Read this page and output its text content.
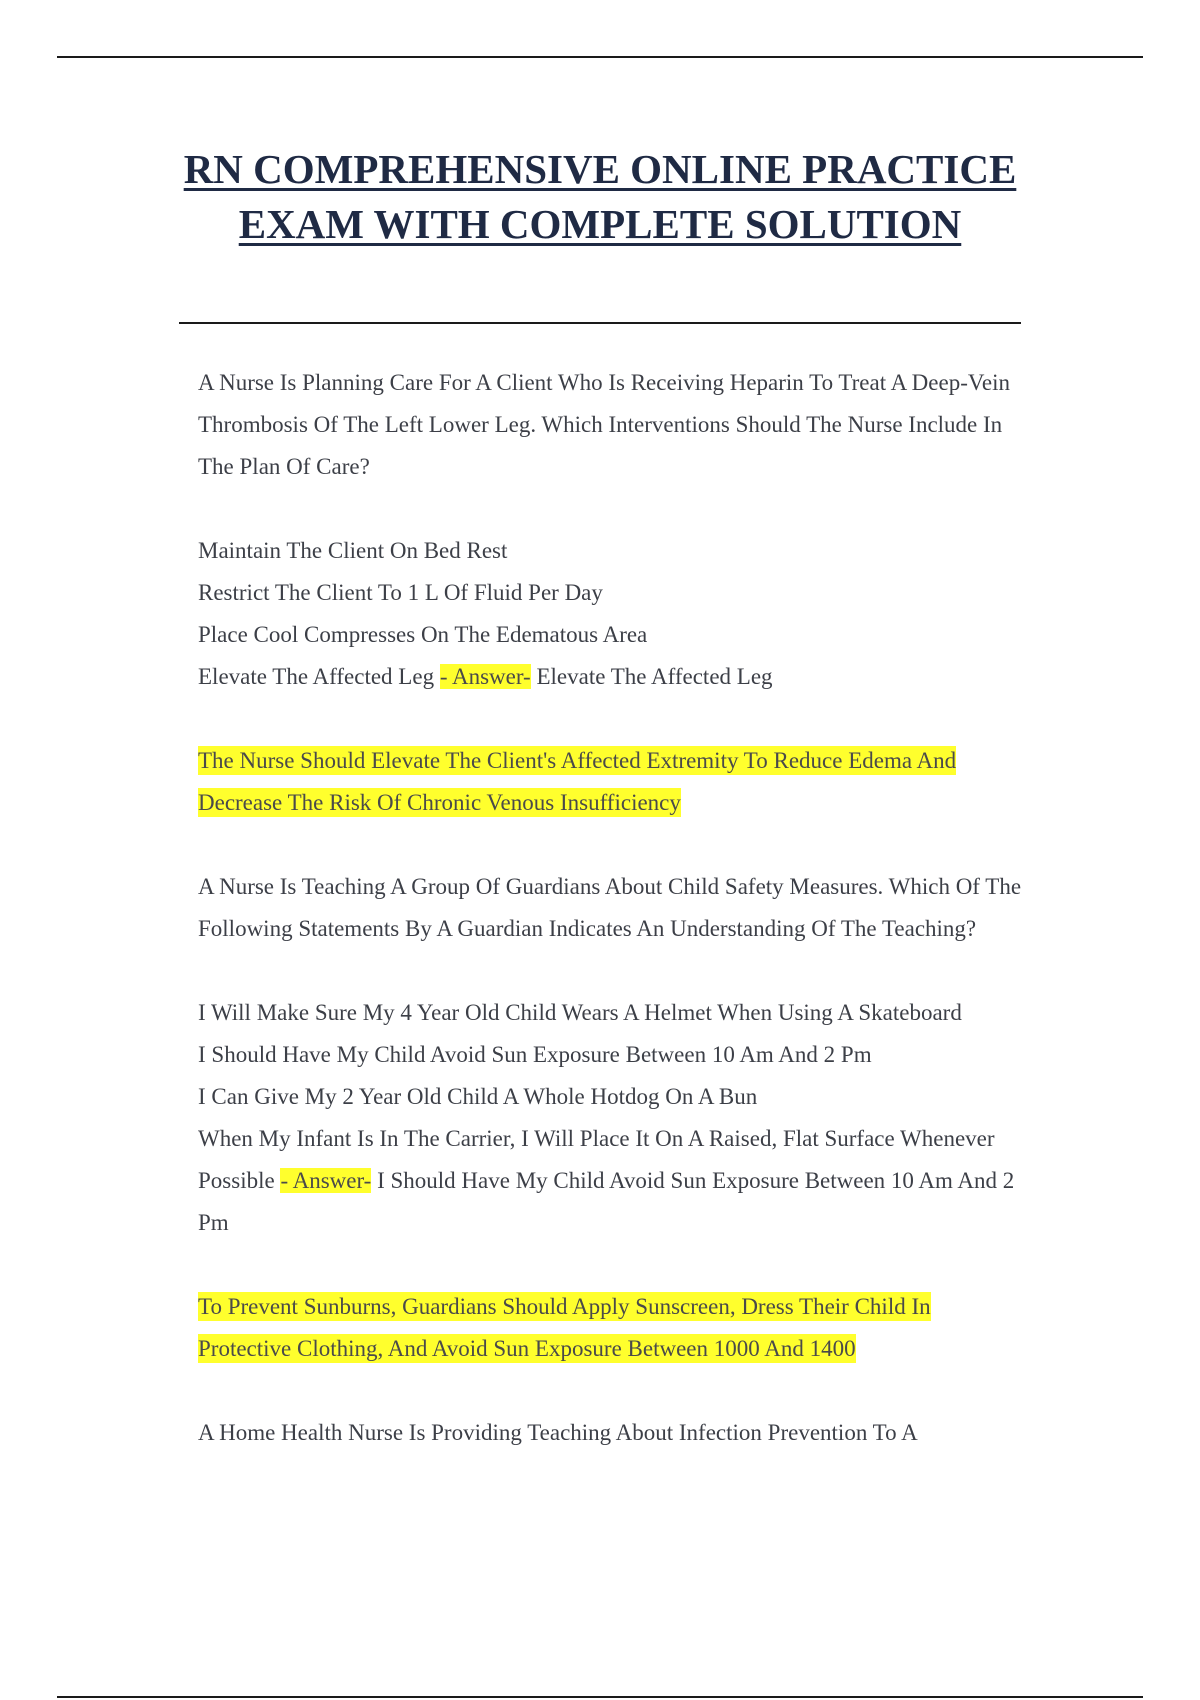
RN COMPREHENSIVE ONLINE PRACTICE
EXAM WITH COMPLETE SOLUTION

A Nurse Is Planning Care For A Client Who Is Receiving Heparin To Treat A Deep-Vein Thrombosis Of The Left Lower Leg. Which Interventions Should The Nurse Include In The Plan Of Care?

Maintain The Client On Bed Rest

Restrict The Client To 1 L Of Fluid Per Day

Place Cool Compresses On The Edematous Area

Elevate The Affected Leg - Answer- Elevate The Affected Leg

The Nurse Should Elevate The Client's Affected Extremity To Reduce Edema And Decrease The Risk Of Chronic Venous Insufficiency

A Nurse Is Teaching A Group Of Guardians About Child Safety Measures. Which Of The Following Statements By A Guardian Indicates An Understanding Of The Teaching?

I Will Make Sure My 4 Year Old Child Wears A Helmet When Using A Skateboard

I Should Have My Child Avoid Sun Exposure Between 10 Am And 2 Pm

I Can Give My 2 Year Old Child A Whole Hotdog On A Bun

When My Infant Is In The Carrier, I Will Place It On A Raised, Flat Surface Whenever Possible - Answer- I Should Have My Child Avoid Sun Exposure Between 10 Am And 2 Pm

To Prevent Sunburns, Guardians Should Apply Sunscreen, Dress Their Child In Protective Clothing, And Avoid Sun Exposure Between 1000 And 1400

A Home Health Nurse Is Providing Teaching About Infection Prevention To A
